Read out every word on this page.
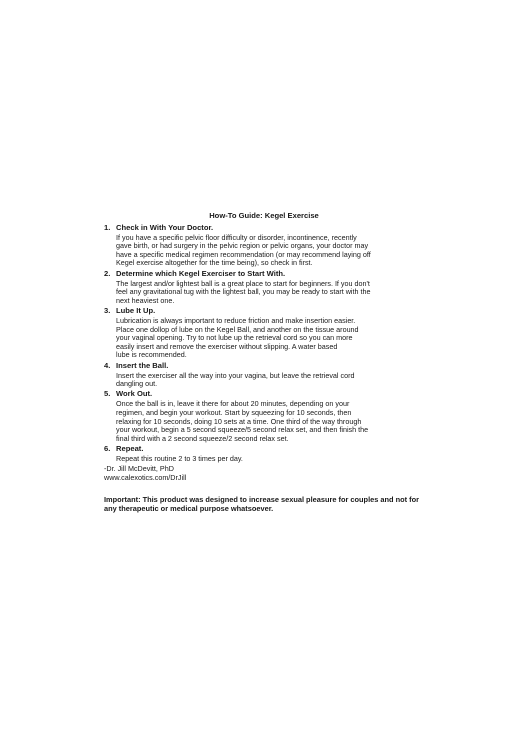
How-To Guide: Kegel Exercise
1. Check in With Your Doctor.

If you have a specific pelvic floor difficulty or disorder, incontinence, recently
gave birth, or had surgery in the pelvic region or pelvic organs, your doctor may
have a specific medical regimen recommendation (or may recommend laying off
Kegel exercise altogether for the time being), so check in first.

2. Determine which Kegel Exerciser to Start With.

The largest and/or lightest ball is a great place to start for beginners. If you don't
feel any gravitational tug with the lightest ball, you may be ready to start with the
next heaviest one.

3. Lube It Up.

Lubrication is always important to reduce friction and make insertion easier.
Place one dollop of lube on the Kegel Ball, and another on the tissue around
your vaginal opening. Try to not lube up the retrieval cord so you can more
easily insert and remove the exerciser without slipping. A water based
lube is recommended.

4. Insert the Ball.

Insert the exerciser all the way into your vagina, but leave the retrieval cord
dangling out.

5. Work Out.

Once the ball is in, leave it there for about 20 minutes, depending on your
regimen, and begin your workout. Start by squeezing for 10 seconds, then
relaxing for 10 seconds, doing 10 sets at a time. One third of the way through
your workout, begin a 5 second squeeze/5 second relax set, and then finish the
final third with a 2 second squeeze/2 second relax set.

6. Repeat.

Repeat this routine 2 to 3 times per day.

-Dr. Jill McDevitt, PhD
www.calexotics.com/DrJill
Important: This product was designed to increase sexual pleasure for couples and not for any therapeutic or medical purpose whatsoever.
